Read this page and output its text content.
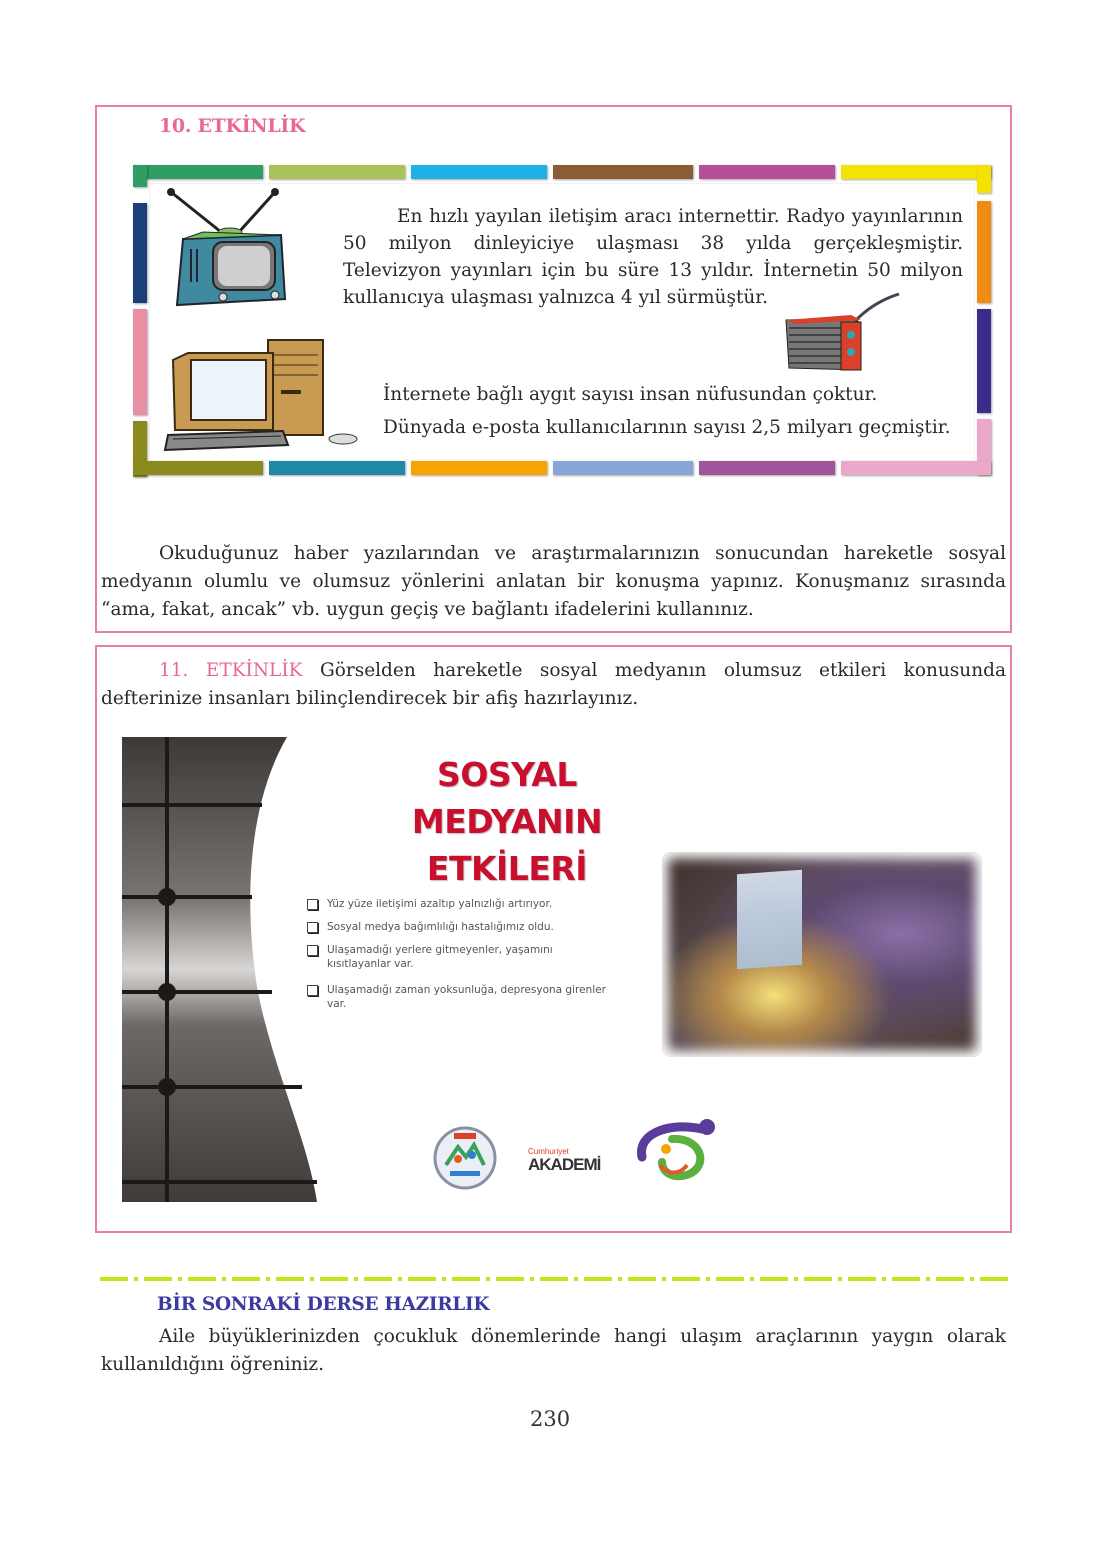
10. ETKİNLİK
Okuduğunuz haber yazılarından ve araştırmalarınızın sonucundan hareketle sosyal medyanın olumlu ve olumsuz yönlerini anlatan bir konuşma yapınız. Konuşmanız sırasında “ama, fakat, ancak” vb. uygun geçiş ve bağlantı ifadelerini kullanınız.
En hızlı yayılan iletişim aracı internettir. Radyo yayınlarının 50 milyon dinleyiciye ulaşması 38 yılda gerçekleşmiştir. Televizyon yayınları için bu süre 13 yıldır. İnternetin 50 milyon kullanıcıya ulaşması yalnızca 4 yıl sürmüştür.
İnternete bağlı aygıt sayısı insan nüfusundan çoktur.
Dünyada e-posta kullanıcılarının sayısı 2,5 milyarı geçmiştir.
11. ETKİNLİK Görselden hareketle sosyal medyanın olumsuz etkileri konusunda defterinize insanları bilinçlendirecek bir afiş hazırlayınız.
SOSYAL MEDYANIN
ETKİLERİ
Yüz yüze iletişimi azaltıp yalnızlığı artırıyor.
Sosyal medya bağımlılığı hastalığımız oldu.
Ulaşamadığı yerlere gitmeyenler, yaşamını kısıtlayanlar var.
Ulaşamadığı zaman yoksunluğa, depresyona girenler var.
Cumhuriyet
AKADEMİ
BİR SONRAKİ DERSE HAZIRLIK
Aile büyüklerinizden çocukluk dönemlerinde hangi ulaşım araçlarının yaygın olarak kullanıldığını öğreniniz.
230
